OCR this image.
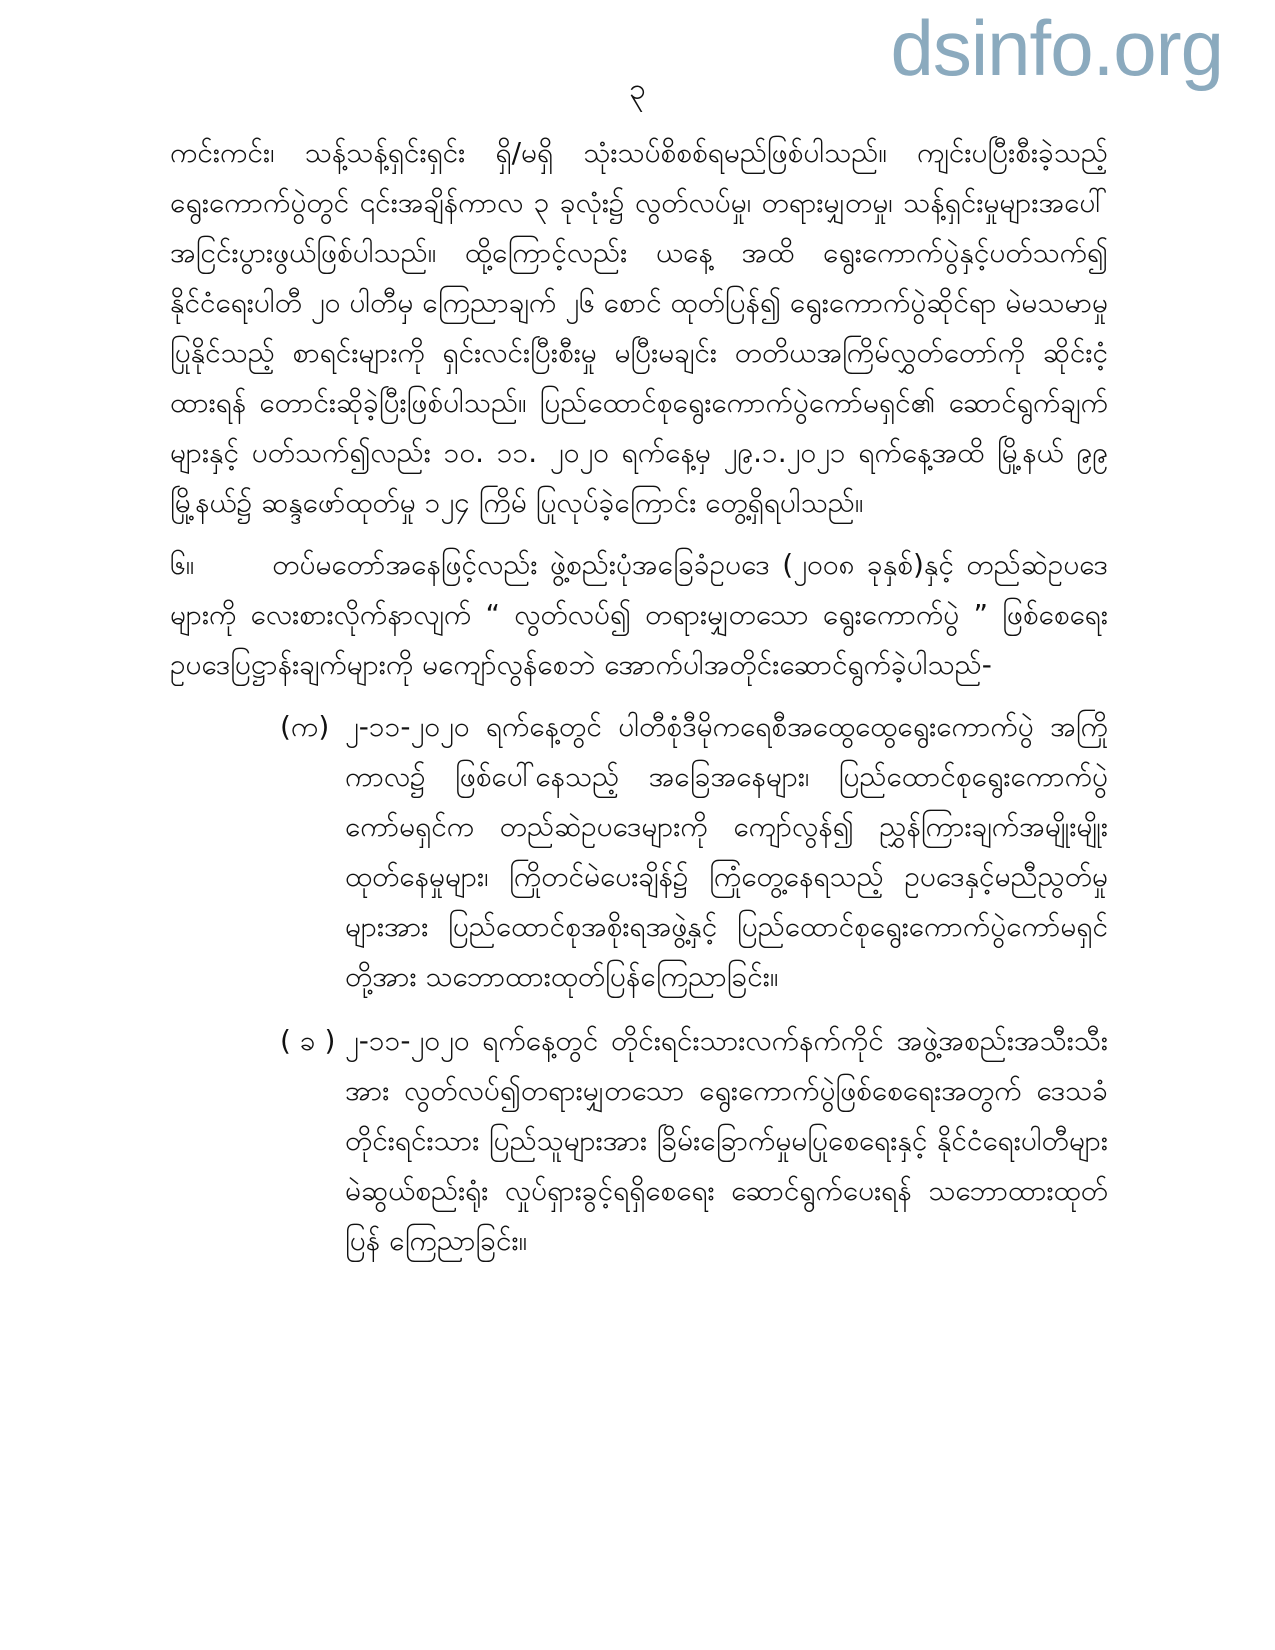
dsinfo.org
၃

ကင်းကင်း၊ သန့်သန့်ရှင်းရှင်း ရှိ/မရှိ သုံးသပ်စိစစ်ရမည်ဖြစ်ပါသည်။ ကျင်းပပြီးစီးခဲ့သည့် ရွေးကောက်ပွဲတွင် ၎င်းအချိန်ကာလ ၃ ခုလုံး၌ လွတ်လပ်မှု၊ တရားမျှတမှု၊ သန့်ရှင်းမှုများအပေါ် အငြင်းပွားဖွယ်ဖြစ်ပါသည်။ ထို့ကြောင့်လည်း ယနေ့ အထိ ရွေးကောက်ပွဲနှင့်ပတ်သက်၍ နိုင်ငံရေးပါတီ ၂၀ ပါတီမှ ကြေညာချက် ၂၆ စောင် ထုတ်ပြန်၍ ရွေးကောက်ပွဲဆိုင်ရာ မဲမသမာမှုပြုနိုင်သည့် စာရင်းများကို ရှင်းလင်းပြီးစီးမှု မပြီးမချင်း တတိယအကြိမ်လွှတ်တော်ကို ဆိုင်းငံ့ထားရန် တောင်းဆိုခဲ့ပြီးဖြစ်ပါသည်။ ပြည်ထောင်စုရွေးကောက်ပွဲကော်မရှင်၏ ဆောင်ရွက်ချက်များနှင့် ပတ်သက်၍လည်း ၁၀. ၁၁. ၂၀၂၀ ရက်နေ့မှ ၂၉.၁.၂၀၂၁ ရက်နေ့အထိ မြို့နယ် ၉၉ မြို့နယ်၌ ဆန္ဒဖော်ထုတ်မှု ၁၂၄ ကြိမ် ပြုလုပ်ခဲ့ကြောင်း တွေ့ရှိရပါသည်။

၆။	တပ်မတော်အနေဖြင့်လည်း ဖွဲ့စည်းပုံအခြေခံဥပဒေ (၂၀၀၈ ခုနှစ်)နှင့် တည်ဆဲဥပဒေများကို လေးစားလိုက်နာလျက် “ လွတ်လပ်၍ တရားမျှတသော ရွေးကောက်ပွဲ ” ဖြစ်စေရေး ဥပဒေပြဋ္ဌာန်းချက်များကို မကျော်လွန်စေဘဲ အောက်ပါအတိုင်းဆောင်ရွက်ခဲ့ပါသည်-

(က) ၂-၁၁-၂၀၂၀ ရက်နေ့တွင် ပါတီစုံဒီမိုကရေစီအထွေထွေရွေးကောက်ပွဲ အကြိုကာလ၌ ဖြစ်ပေါ်နေသည့် အခြေအနေများ၊ ပြည်ထောင်စုရွေးကောက်ပွဲကော်မရှင်က တည်ဆဲဥပဒေများကို ကျော်လွန်၍ ညွှန်ကြားချက်အမျိုးမျိုးထုတ်နေမှုများ၊ ကြိုတင်မဲပေးချိန်၌ ကြုံတွေ့နေရသည့် ဥပဒေနှင့်မညီညွတ်မှုများအား ပြည်ထောင်စုအစိုးရအဖွဲ့နှင့် ပြည်ထောင်စုရွေးကောက်ပွဲကော်မရှင်တို့အား သဘောထားထုတ်ပြန်ကြေညာခြင်း။
( ခ ) ၂-၁၁-၂၀၂၀ ရက်နေ့တွင် တိုင်းရင်းသားလက်နက်ကိုင် အဖွဲ့အစည်းအသီးသီးအား လွတ်လပ်၍တရားမျှတသော ရွေးကောက်ပွဲဖြစ်စေရေးအတွက် ဒေသခံတိုင်းရင်းသား ပြည်သူများအား ခြိမ်းခြောက်မှုမပြုစေရေးနှင့် နိုင်ငံရေးပါတီများ မဲဆွယ်စည်းရုံး လှုပ်ရှားခွင့်ရရှိစေရေး ဆောင်ရွက်ပေးရန် သဘောထားထုတ်ပြန် ကြေညာခြင်း။
